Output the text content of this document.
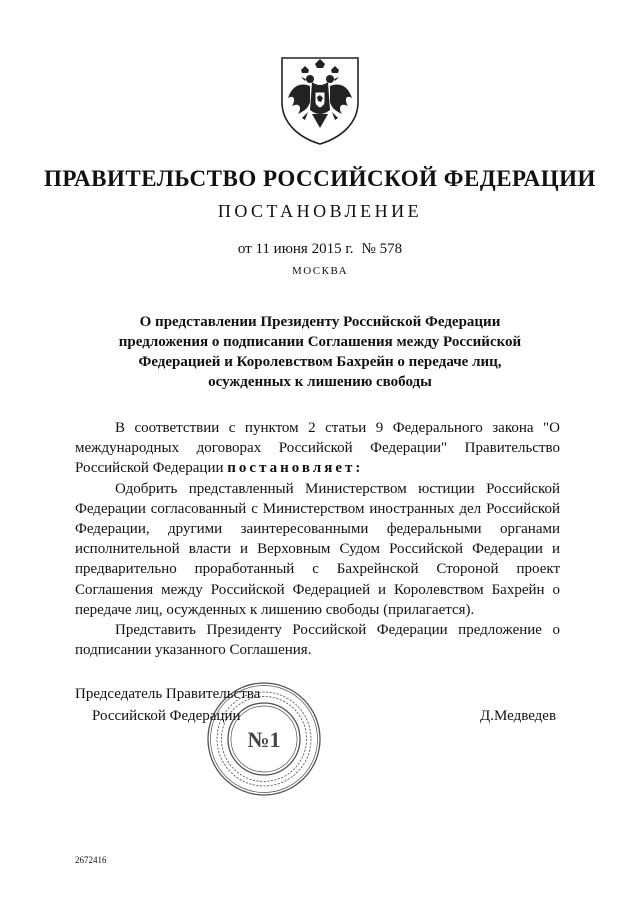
ПРАВИТЕЛЬСТВО РОССИЙСКОЙ ФЕДЕРАЦИИ
ПОСТАНОВЛЕНИЕ
от 11 июня 2015 г. № 578
МОСКВА
О представлении Президенту Российской Федерации
предложения о подписании Соглашения между Российской
Федерацией и Королевством Бахрейн о передаче лиц,
осужденных к лишению свободы

В соответствии с пунктом 2 статьи 9 Федерального закона "О международных договорах Российской Федерации" Правительство Российской Федерации постановляет:

Одобрить представленный Министерством юстиции Российской Федерации согласованный с Министерством иностранных дел Российской Федерации, другими заинтересованными федеральными органами исполнительной власти и Верховным Судом Российской Федерации и предварительно проработанный с Бахрейнской Стороной проект Соглашения между Российской Федерацией и Королевством Бахрейн о передаче лиц, осужденных к лишению свободы (прилагается).

Представить Президенту Российской Федерации предложение о подписании указанного Соглашения.

Председатель Правительства
Российской Федерации	Д.Медведев
№1
2672416
